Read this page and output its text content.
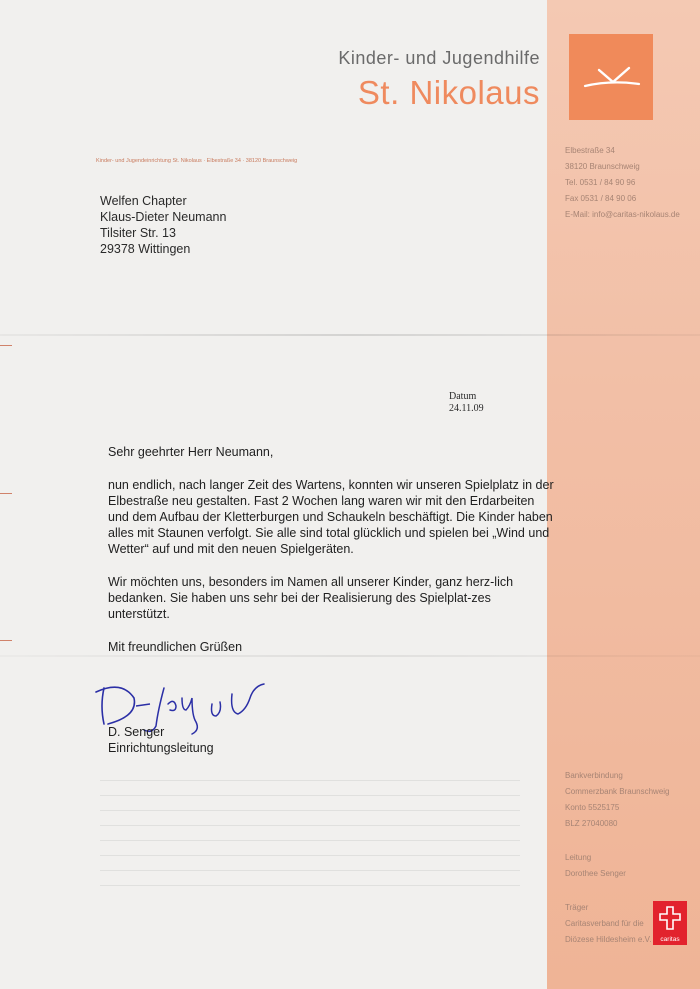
Kinder- und Jugendhilfe
St. Nikolaus
Kinder- und Jugendeinrichtung St. Nikolaus · Elbestraße 34 · 38120 Braunschweig
Elbestraße 34
38120 Braunschweig
Tel. 0531 / 84 90 96
Fax 0531 / 84 90 06
E-Mail: info@caritas-nikolaus.de
Welfen Chapter
Klaus-Dieter Neumann
Tilsiter Str. 13
29378 Wittingen
Datum
24.11.09

Sehr geehrter Herr Neumann,

nun endlich, nach langer Zeit des Wartens, konnten wir unseren Spielplatz in der Elbestraße neu gestalten. Fast 2 Wochen lang waren wir mit den Erdarbeiten und dem Aufbau der Kletterburgen und Schaukeln beschäftigt. Die Kinder haben alles mit Staunen verfolgt. Sie alle sind total glücklich und spielen bei „Wind und Wetter“ auf und mit den neuen Spielgeräten.

Wir möchten uns, besonders im Namen all unserer Kinder, ganz herz-lich bedanken. Sie haben uns sehr bei der Realisierung des Spielplat-zes unterstützt.

Mit freundlichen Grüßen

D. Senger
Einrichtungsleitung
Bankverbindung
Commerzbank Braunschweig
Konto 5525175
BLZ 27040080
Leitung
Dorothee Senger
Träger
Caritasverband für die
Diözese Hildesheim e.V.	caritas
